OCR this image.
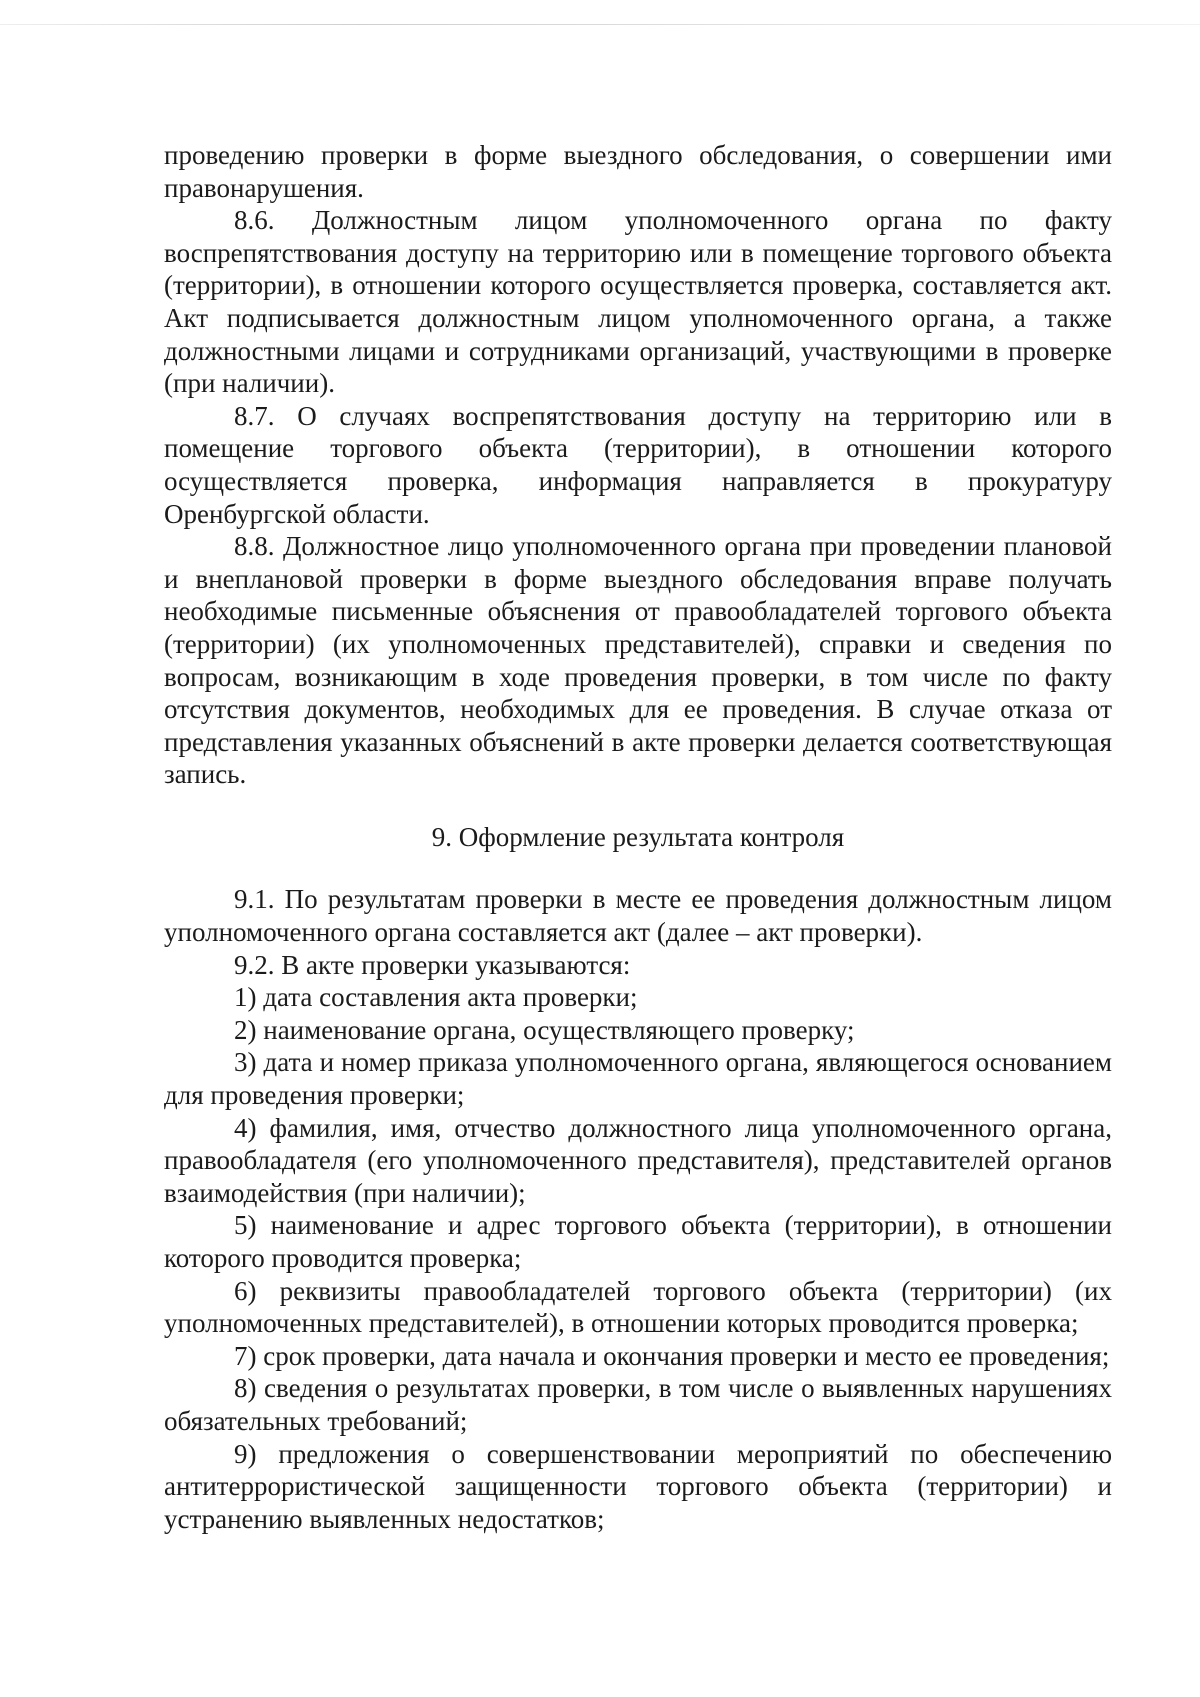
проведению проверки в форме выездного обследования, о совершении ими правонарушения.

8.6. Должностным лицом уполномоченного органа по факту воспрепятствования доступу на территорию или в помещение торгового объекта (территории), в отношении которого осуществляется проверка, составляется акт. Акт подписывается должностным лицом уполномоченного органа, а также должностными лицами и сотрудниками организаций, участвующими в проверке (при наличии).

8.7. О случаях воспрепятствования доступу на территорию или в помещение торгового объекта (территории), в отношении которого осуществляется проверка, информация направляется в прокуратуру Оренбургской области.

8.8. Должностное лицо уполномоченного органа при проведении плановой и внеплановой проверки в форме выездного обследования вправе получать необходимые письменные объяснения от правообладателей торгового объекта (территории) (их уполномоченных представителей), справки и сведения по вопросам, возникающим в ходе проведения проверки, в том числе по факту отсутствия документов, необходимых для ее проведения. В случае отказа от представления указанных объяснений в акте проверки делается соответствующая запись.

9. Оформление результата контроля

9.1. По результатам проверки в месте ее проведения должностным лицом уполномоченного органа составляется акт (далее – акт проверки).

9.2. В акте проверки указываются:

1) дата составления акта проверки;

2) наименование органа, осуществляющего проверку;

3) дата и номер приказа уполномоченного органа, являющегося основанием для проведения проверки;

4) фамилия, имя, отчество должностного лица уполномоченного органа, правообладателя (его уполномоченного представителя), представителей органов взаимодействия (при наличии);

5) наименование и адрес торгового объекта (территории), в отношении которого проводится проверка;

6) реквизиты правообладателей торгового объекта (территории) (их уполномоченных представителей), в отношении которых проводится проверка;

7) срок проверки, дата начала и окончания проверки и место ее проведения;

8) сведения о результатах проверки, в том числе о выявленных нарушениях обязательных требований;

9) предложения о совершенствовании мероприятий по обеспечению антитеррористической защищенности торгового объекта (территории) и устранению выявленных недостатков;
